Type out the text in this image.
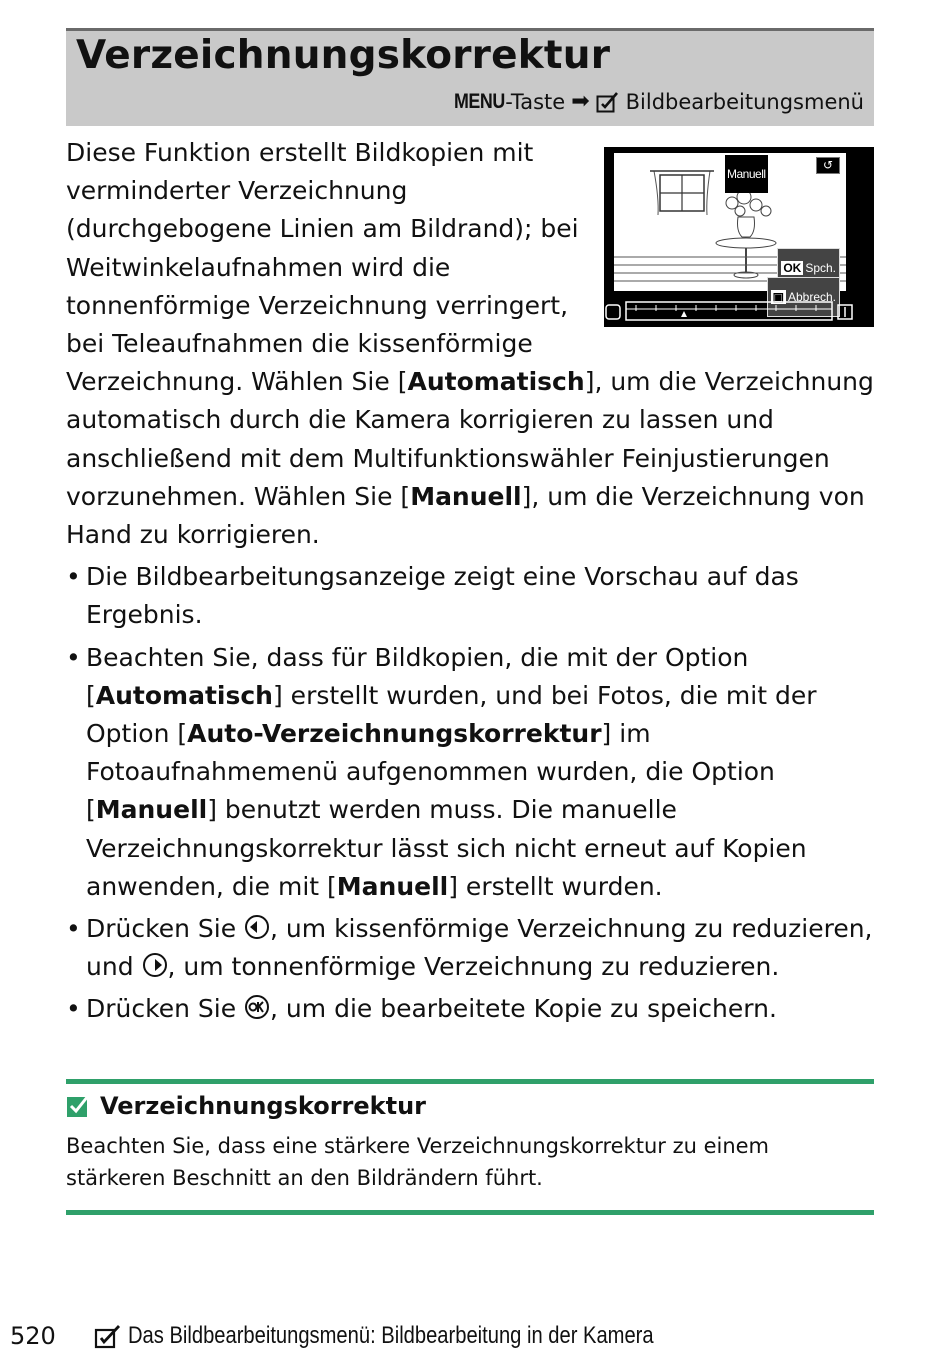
Verzeichnungskorrektur
MENU -Taste ➡ Bildbearbeitungsmenü
Manuell
↺
OK Spch.
▣ Abbrech.

Diese Funktion erstellt Bildkopien mit verminderter Verzeichnung (durchgebogene Linien am Bildrand); bei Weitwinkelaufnahmen wird die tonnenförmige Verzeichnung verringert, bei Teleaufnahmen die kissenförmige Verzeichnung. Wählen Sie [Automatisch], um die Verzeichnung automatisch durch die Kamera korrigieren zu lassen und anschließend mit dem Multifunktionswähler Feinjustierungen vorzunehmen. Wählen Sie [Manuell], um die Verzeichnung von Hand zu korrigieren.

• Die Bildbearbeitungsanzeige zeigt eine Vorschau auf das Ergebnis.
• Beachten Sie, dass für Bildkopien, die mit der Option [Automatisch] erstellt wurden, und bei Fotos, die mit der Option [Auto-Verzeichnungskorrektur] im Fotoaufnahmemenü aufgenommen wurden, die Option [Manuell] benutzt werden muss. Die manuelle Verzeichnungskorrektur lässt sich nicht erneut auf Kopien anwenden, die mit [Manuell] erstellt wurden.
• Drücken Sie , um kissenförmige Verzeichnung zu reduzieren, und , um tonnenförmige Verzeichnung zu reduzieren.
• Drücken Sie , um die bearbeitete Kopie zu speichern.
Verzeichnungskorrektur

Beachten Sie, dass eine stärkere Verzeichnungskorrektur zu einem stärkeren Beschnitt an den Bildrändern führt.

520	Das Bildbearbeitungsmenü: Bildbearbeitung in der Kamera
